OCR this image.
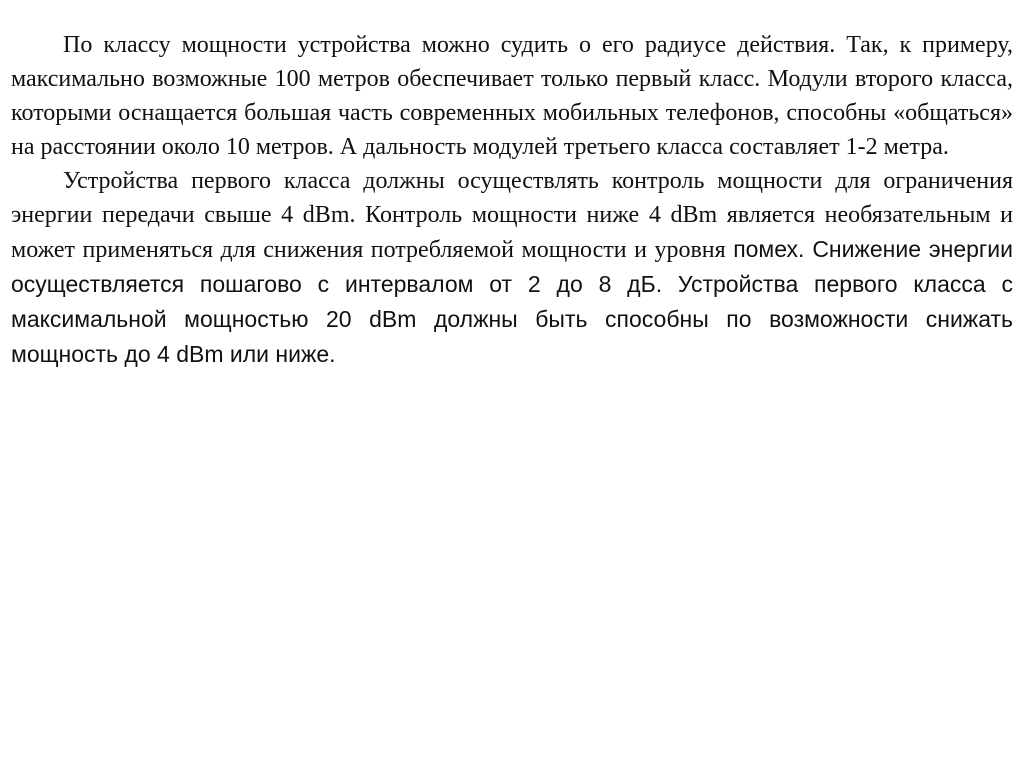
По классу мощности устройства можно судить о его радиусе действия. Так, к примеру, максимально возможные 100 метров обеспечивает только первый класс. Модули второго класса, которыми оснащается большая часть современных мобильных телефонов, способны «общаться» на расстоянии около 10 метров. А дальность модулей третьего класса составляет 1-2 метра.

Устройства первого класса должны осуществлять контроль мощности для ограничения энергии передачи свыше 4 dBm. Контроль мощности ниже 4 dBm является необязательным и может применяться для снижения потребляемой мощности и уровня помех. Снижение энергии осуществляется пошагово с интервалом от 2 до 8 дБ. Устройства первого класса с максимальной мощностью 20 dBm должны быть способны по возможности снижать мощность до 4 dBm или ниже.
